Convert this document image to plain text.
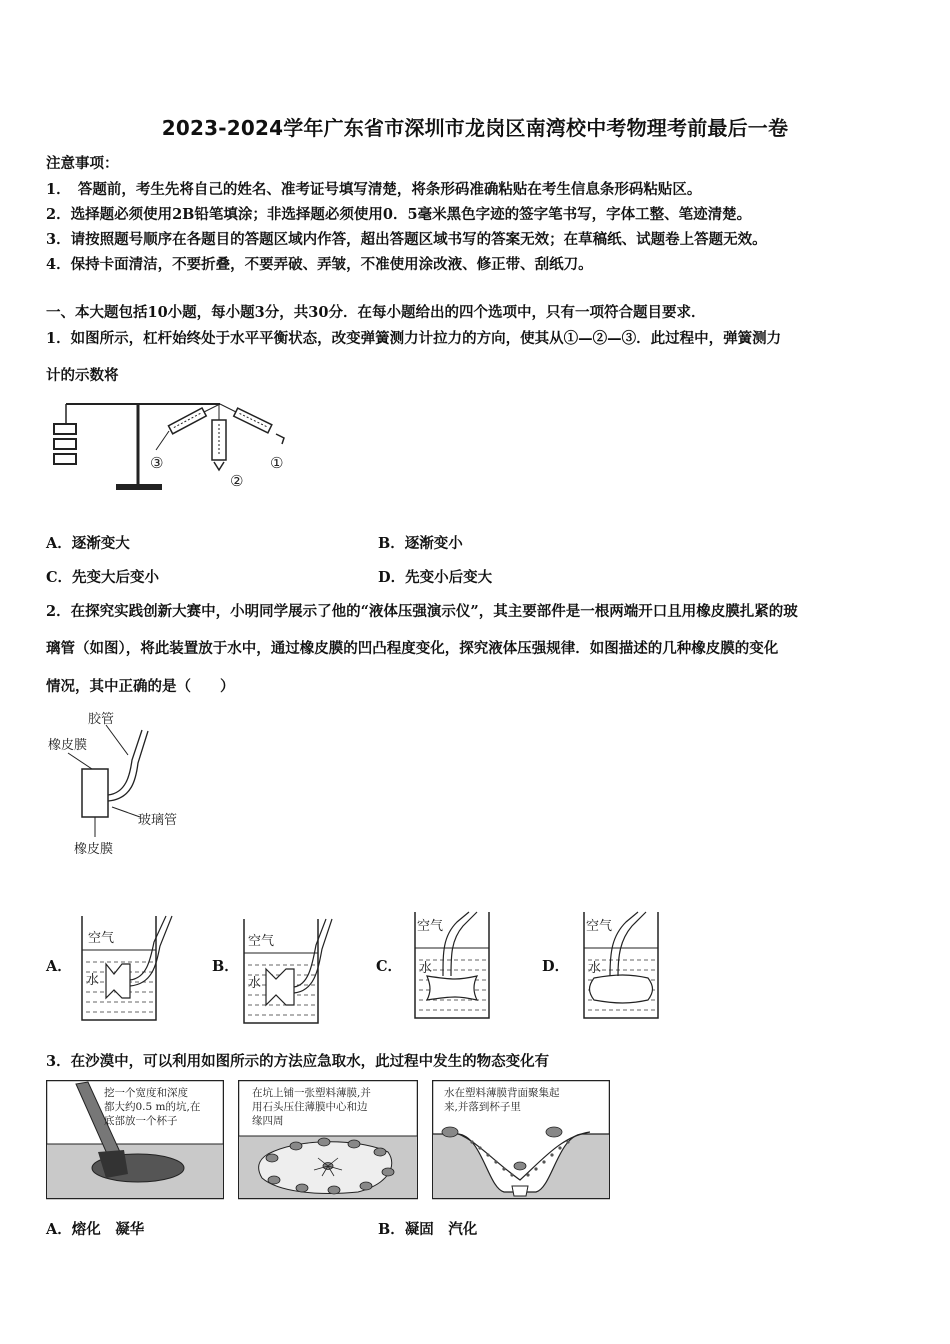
2023-2024学年广东省市深圳市龙岗区南湾校中考物理考前最后一卷
注意事项：
1．　答题前，考生先将自己的姓名、准考证号填写清楚，将条形码准确粘贴在考生信息条形码粘贴区。
2．选择题必须使用2B铅笔填涂；非选择题必须使用0．5毫米黑色字迹的签字笔书写，字体工整、笔迹清楚。
3．请按照题号顺序在各题目的答题区域内作答，超出答题区域书写的答案无效；在草稿纸、试题卷上答题无效。
4．保持卡面清洁，不要折叠，不要弄破、弄皱，不准使用涂改液、修正带、刮纸刀。
一、本大题包括10小题，每小题3分，共30分．在每小题给出的四个选项中，只有一项符合题目要求．
1．如图所示，杠杆始终处于水平平衡状态，改变弹簧测力计拉力的方向，使其从①—②—③．此过程中，弹簧测力
计的示数将
③
②
①
A．逐渐变大	B．逐渐变小
C．先变大后变小	D．先变小后变大
2．在探究实践创新大赛中，小明同学展示了他的“液体压强演示仪”，其主要部件是一根两端开口且用橡皮膜扎紧的玻
璃管（如图），将此装置放于水中，通过橡皮膜的凹凸程度变化，探究液体压强规律．如图描述的几种橡皮膜的变化
情况，其中正确的是（　　）
胶管
橡皮膜
玻璃管
橡皮膜
A．
空气
水
B．
空气
水
C．
空气
水	D．
空气
水
3．在沙漠中，可以利用如图所示的方法应急取水，此过程中发生的物态变化有
挖一个宽度和深度
都大约0.5 m的坑,在
底部放一个杯子
在坑上铺一张塑料薄膜,并
用石头压住薄膜中心和边
缘四周
水在塑料薄膜背面聚集起
来,并落到杯子里
A．熔化　凝华	B．凝固　汽化
